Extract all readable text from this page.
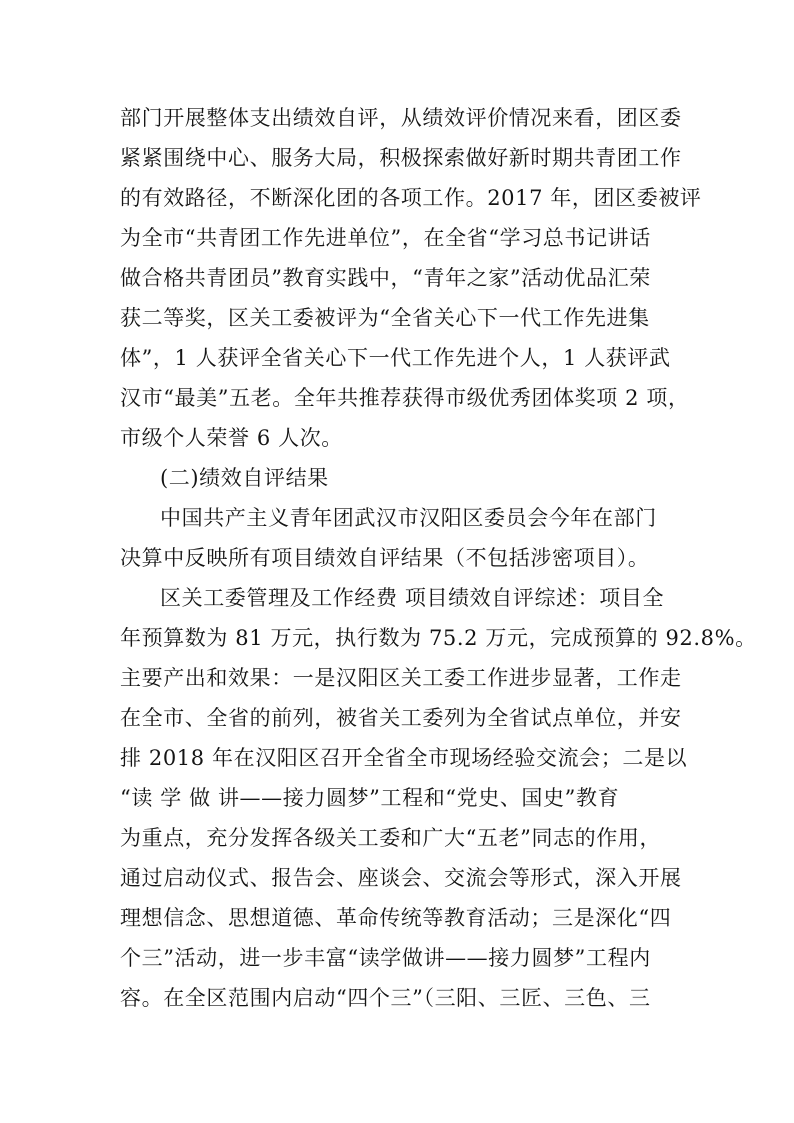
部门开展整体支出绩效自评，从绩效评价情况来看，团区委
紧紧围绕中心、服务大局，积极探索做好新时期共青团工作
的有效路径，不断深化团的各项工作。2017 年，团区委被评
为全市“共青团工作先进单位”，在全省“学习总书记讲话
做合格共青团员”教育实践中，“青年之家”活动优品汇荣
获二等奖，区关工委被评为“全省关心下一代工作先进集
体”，1 人获评全省关心下一代工作先进个人，1 人获评武
汉市“最美”五老。全年共推荐获得市级优秀团体奖项 2 项，
市级个人荣誉 6 人次。
(二)绩效自评结果
中国共产主义青年团武汉市汉阳区委员会今年在部门
决算中反映所有项目绩效自评结果（不包括涉密项目）。
区关工委管理及工作经费 项目绩效自评综述：项目全
年预算数为 81 万元，执行数为 75.2 万元，完成预算的 92.8%。
主要产出和效果：一是汉阳区关工委工作进步显著，工作走
在全市、全省的前列，被省关工委列为全省试点单位，并安
排 2018 年在汉阳区召开全省全市现场经验交流会；二是以
“读 学 做 讲——接力圆梦”工程和“党史、国史”教育
为重点，充分发挥各级关工委和广大“五老”同志的作用，
通过启动仪式、报告会、座谈会、交流会等形式，深入开展
理想信念、思想道德、革命传统等教育活动；三是深化“四
个三”活动，进一步丰富“读学做讲——接力圆梦”工程内
容。在全区范围内启动“四个三”（三阳、三匠、三色、三
